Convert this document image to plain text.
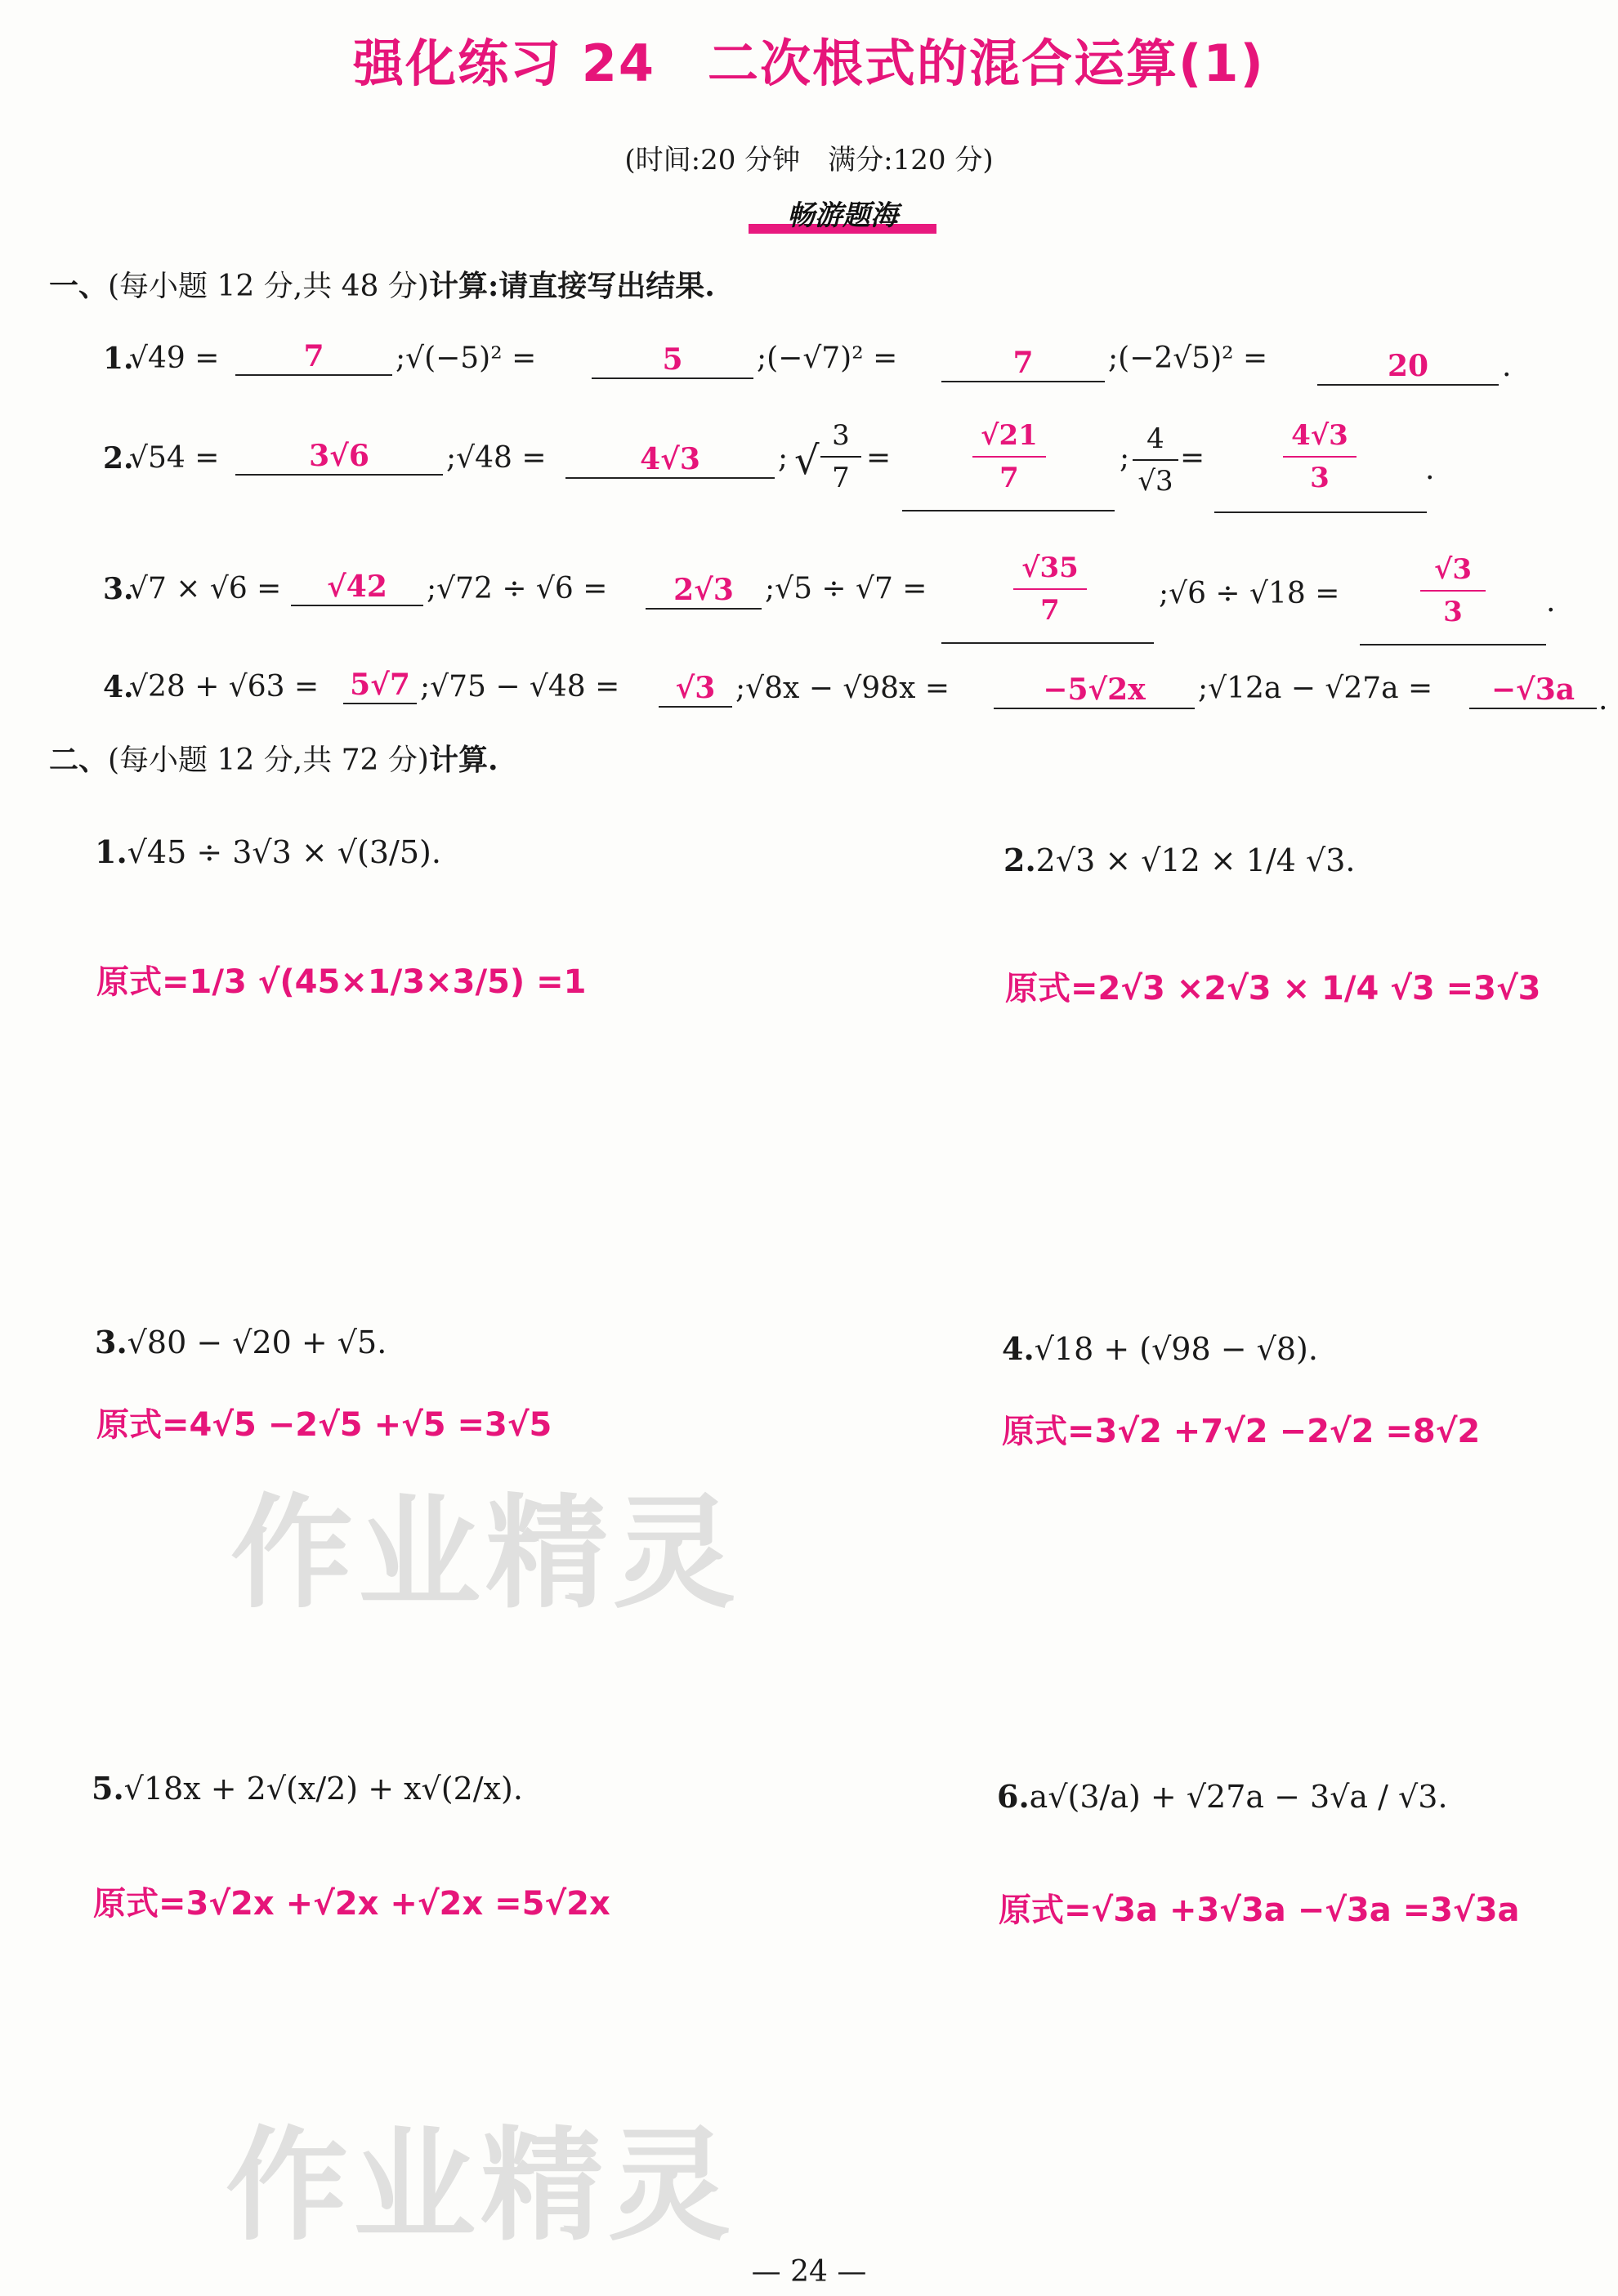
强化练习 24　二次根式的混合运算(1)
(时间:20 分钟　满分:120 分)
畅游题海
一、(每小题 12 分,共 48 分)计算:请直接写出结果.
1.
√49 =	7	;√(−5)² =	5	;(−√7)² =	7	;(−2√5)² =	20	.
2.
√54 =	3√6	;√48 =	4√3	; √ $\frac{3}{7}$ =	$\frac{√21}{7}$	; $\frac{4}{√3}$ =	$\frac{4√3}{3}$ .
3.
√7 × √6 =	√42	;√72 ÷ √6 =	2√3	;√5 ÷ √7 =	$\frac{√35}{7}$ ;√6 ÷ √18 =	$\frac{√3}{3}$ .
4.
√28 + √63 = 5√7 ;√75 − √48 =	√3 ;√8x − √98x =	−5√2x	;√12a − √27a =	−√3a .
二、(每小题 12 分,共 72 分)计算.
1.√45 ÷ 3√3 × √(3/5).
原式=1/3 √(45×1/3×3/5) =1
2.2√3 × √12 × 1/4 √3.
原式=2√3 ×2√3 × 1/4 √3 =3√3
3.√80 − √20 + √5.
原式=4√5 −2√5 +√5 =3√5
4.√18 + (√98 − √8).
原式=3√2 +7√2 −2√2 =8√2
5.√18x + 2√(x/2) + x√(2/x).
原式=3√2x +√2x +√2x =5√2x
6.a√(3/a) + √27a − 3√a / √3.
原式=√3a +3√3a −√3a =3√3a
作业精灵
作业精灵
— 24 —
